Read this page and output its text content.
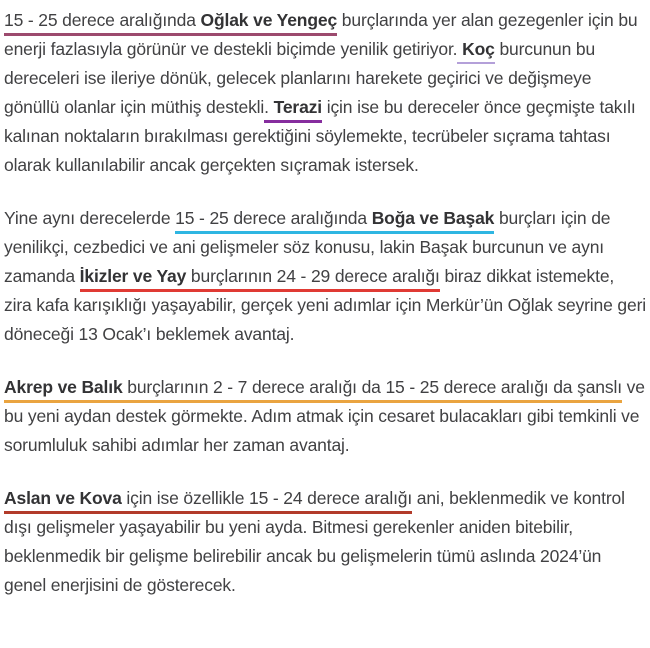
15 - 25 derece aralığında Oğlak ve Yengeç burçlarında yer alan gezegenler için bu enerji fazlasıyla görünür ve destekli biçimde yenilik getiriyor. Koç burcunun bu dereceleri ise ileriye dönük, gelecek planlarını harekete geçirici ve değişmeye gönüllü olanlar için müthiş destekli. Terazi için ise bu dereceler önce geçmişte takılı kalınan noktaların bırakılması gerektiğini söylemekte, tecrübeler sıçrama tahtası olarak kullanılabilir ancak gerçekten sıçramak istersek.

Yine aynı derecelerde 15 - 25 derece aralığında Boğa ve Başak burçları için de yenilikçi, cezbedici ve ani gelişmeler söz konusu, lakin Başak burcunun ve aynı zamanda İkizler ve Yay burçlarının 24 - 29 derece aralığı biraz dikkat istemekte, zira kafa karışıklığı yaşayabilir, gerçek yeni adımlar için Merkür’ün Oğlak seyrine geri döneceği 13 Ocak’ı beklemek avantaj.

Akrep ve Balık burçlarının 2 - 7 derece aralığı da 15 - 25 derece aralığı da şanslı ve bu yeni aydan destek görmekte. Adım atmak için cesaret bulacakları gibi temkinli ve sorumluluk sahibi adımlar her zaman avantaj.

Aslan ve Kova için ise özellikle 15 - 24 derece aralığı ani, beklenmedik ve kontrol dışı gelişmeler yaşayabilir bu yeni ayda. Bitmesi gerekenler aniden bitebilir, beklenmedik bir gelişme belirebilir ancak bu gelişmelerin tümü aslında 2024’ün genel enerjisini de gösterecek.
